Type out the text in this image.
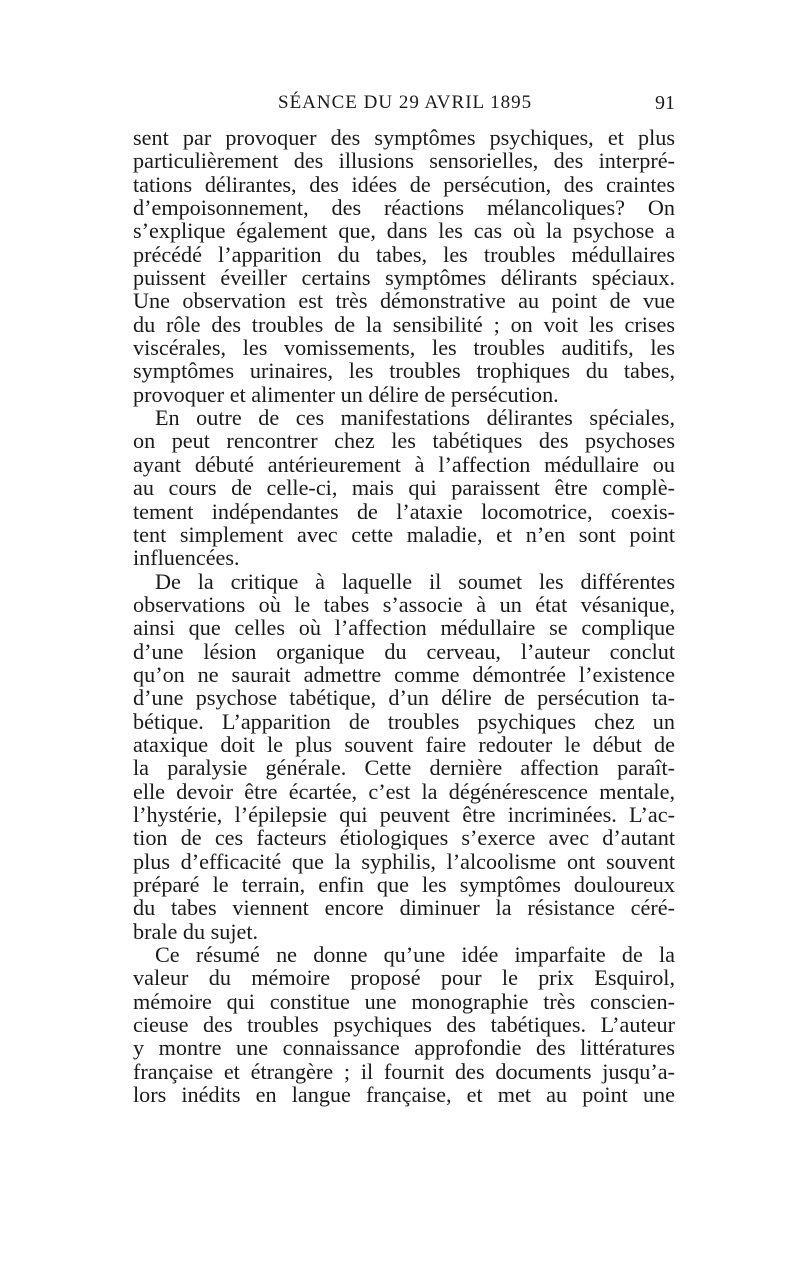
SÉANCE DU 29 AVRIL 1895	91
sent par provoquer des symptômes psychiques, et plus
particulièrement des illusions sensorielles, des interpré-
tations délirantes, des idées de persécution, des craintes
d’empoisonnement, des réactions mélancoliques? On
s’explique également que, dans les cas où la psychose a
précédé l’apparition du tabes, les troubles médullaires
puissent éveiller certains symptômes délirants spéciaux.
Une observation est très démonstrative au point de vue
du rôle des troubles de la sensibilité ; on voit les crises
viscérales, les vomissements, les troubles auditifs, les
symptômes urinaires, les troubles trophiques du tabes,
provoquer et alimenter un délire de persécution.
En outre de ces manifestations délirantes spéciales,
on peut rencontrer chez les tabétiques des psychoses
ayant débuté antérieurement à l’affection médullaire ou
au cours de celle-ci, mais qui paraissent être complè-
tement indépendantes de l’ataxie locomotrice, coexis-
tent simplement avec cette maladie, et n’en sont point
influencées.
De la critique à laquelle il soumet les différentes
observations où le tabes s’associe à un état vésanique,
ainsi que celles où l’affection médullaire se complique
d’une lésion organique du cerveau, l’auteur conclut
qu’on ne saurait admettre comme démontrée l’existence
d’une psychose tabétique, d’un délire de persécution ta-
bétique. L’apparition de troubles psychiques chez un
ataxique doit le plus souvent faire redouter le début de
la paralysie générale. Cette dernière affection paraît-
elle devoir être écartée, c’est la dégénérescence mentale,
l’hystérie, l’épilepsie qui peuvent être incriminées. L’ac-
tion de ces facteurs étiologiques s’exerce avec d’autant
plus d’efficacité que la syphilis, l’alcoolisme ont souvent
préparé le terrain, enfin que les symptômes douloureux
du tabes viennent encore diminuer la résistance céré-
brale du sujet.
Ce résumé ne donne qu’une idée imparfaite de la
valeur du mémoire proposé pour le prix Esquirol,
mémoire qui constitue une monographie très conscien-
cieuse des troubles psychiques des tabétiques. L’auteur
y montre une connaissance approfondie des littératures
française et étrangère ; il fournit des documents jusqu’a-
lors inédits en langue française, et met au point une
